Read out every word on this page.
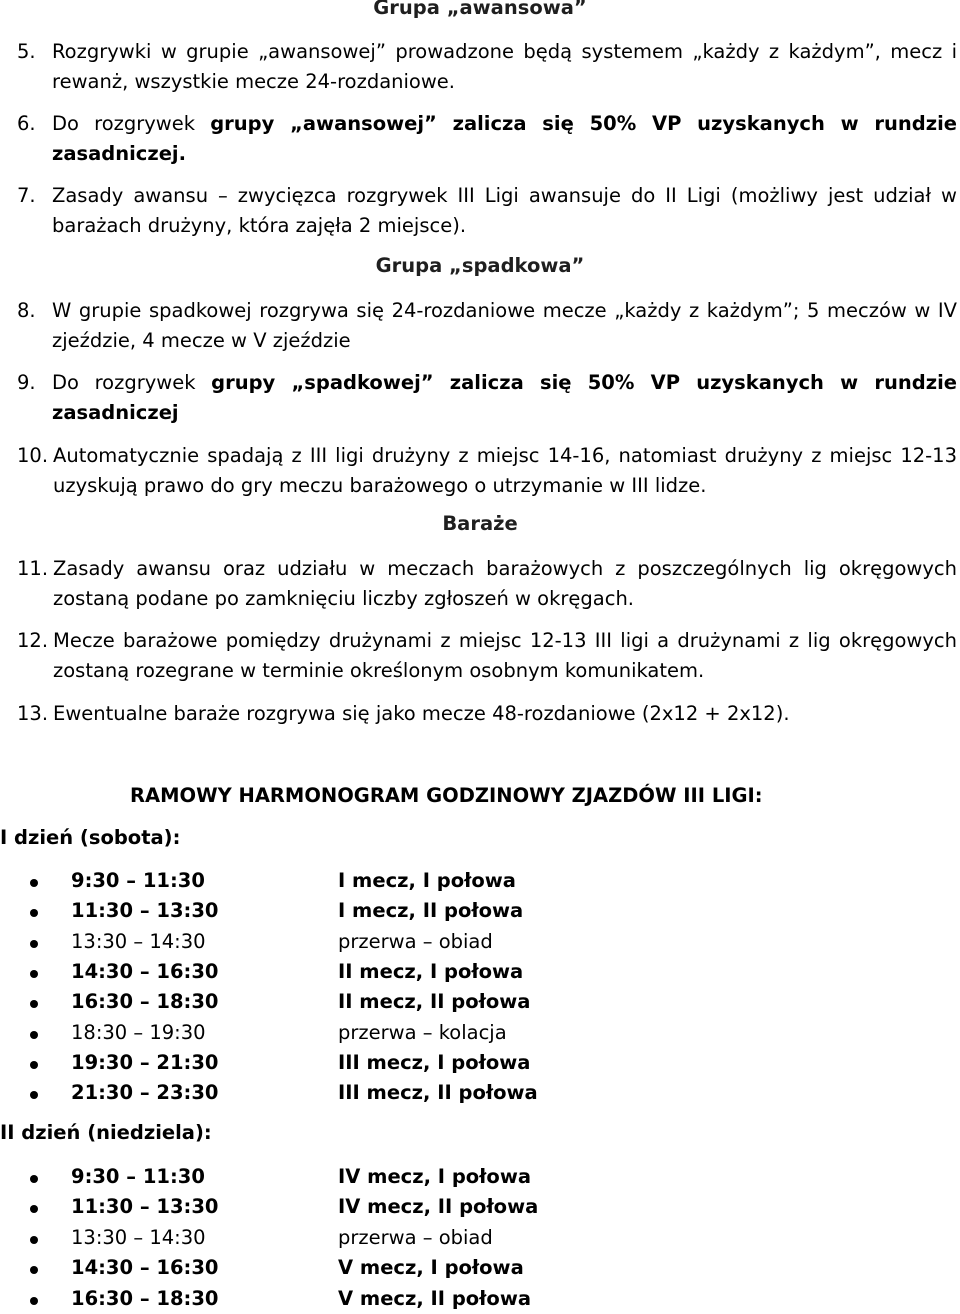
Grupa „awansowa”
5. Rozgrywki w grupie „awansowej” prowadzone będą systemem „każdy z każdym”, mecz i rewanż, wszystkie mecze 24-rozdaniowe.
6. Do rozgrywek grupy „awansowej” zalicza się 50% VP uzyskanych w rundzie zasadniczej.
7. Zasady awansu – zwycięzca rozgrywek III Ligi awansuje do II Ligi (możliwy jest udział w barażach drużyny, która zajęła 2 miejsce).
Grupa „spadkowa”
8. W grupie spadkowej rozgrywa się 24-rozdaniowe mecze „każdy z każdym”; 5 meczów w IV zjeździe, 4 mecze w V zjeździe
9. Do rozgrywek grupy „spadkowej” zalicza się 50% VP uzyskanych w rundzie zasadniczej
10. Automatycznie spadają z III ligi drużyny z miejsc 14-16, natomiast drużyny z miejsc 12-13 uzyskują prawo do gry meczu barażowego o utrzymanie w III lidze.
Baraże
11. Zasady awansu oraz udziału w meczach barażowych z poszczególnych lig okręgowych zostaną podane po zamknięciu liczby zgłoszeń w okręgach.
12. Mecze barażowe pomiędzy drużynami z miejsc 12-13 III ligi a drużynami z lig okręgowych zostaną rozegrane w terminie określonym osobnym komunikatem.
13. Ewentualne baraże rozgrywa się jako mecze 48-rozdaniowe (2x12 + 2x12).
RAMOWY HARMONOGRAM GODZINOWY ZJAZDÓW III LIGI:
I dzień (sobota):
9:30 – 11:30	I mecz, I połowa
11:30 – 13:30	I mecz, II połowa
13:30 – 14:30	przerwa – obiad
14:30 – 16:30	II mecz, I połowa
16:30 – 18:30	II mecz, II połowa
18:30 – 19:30	przerwa – kolacja
19:30 – 21:30	III mecz, I połowa
21:30 – 23:30	III mecz, II połowa
II dzień (niedziela):
9:30 – 11:30	IV mecz, I połowa
11:30 – 13:30	IV mecz, II połowa
13:30 – 14:30	przerwa – obiad
14:30 – 16:30	V mecz, I połowa
16:30 – 18:30	V mecz, II połowa
